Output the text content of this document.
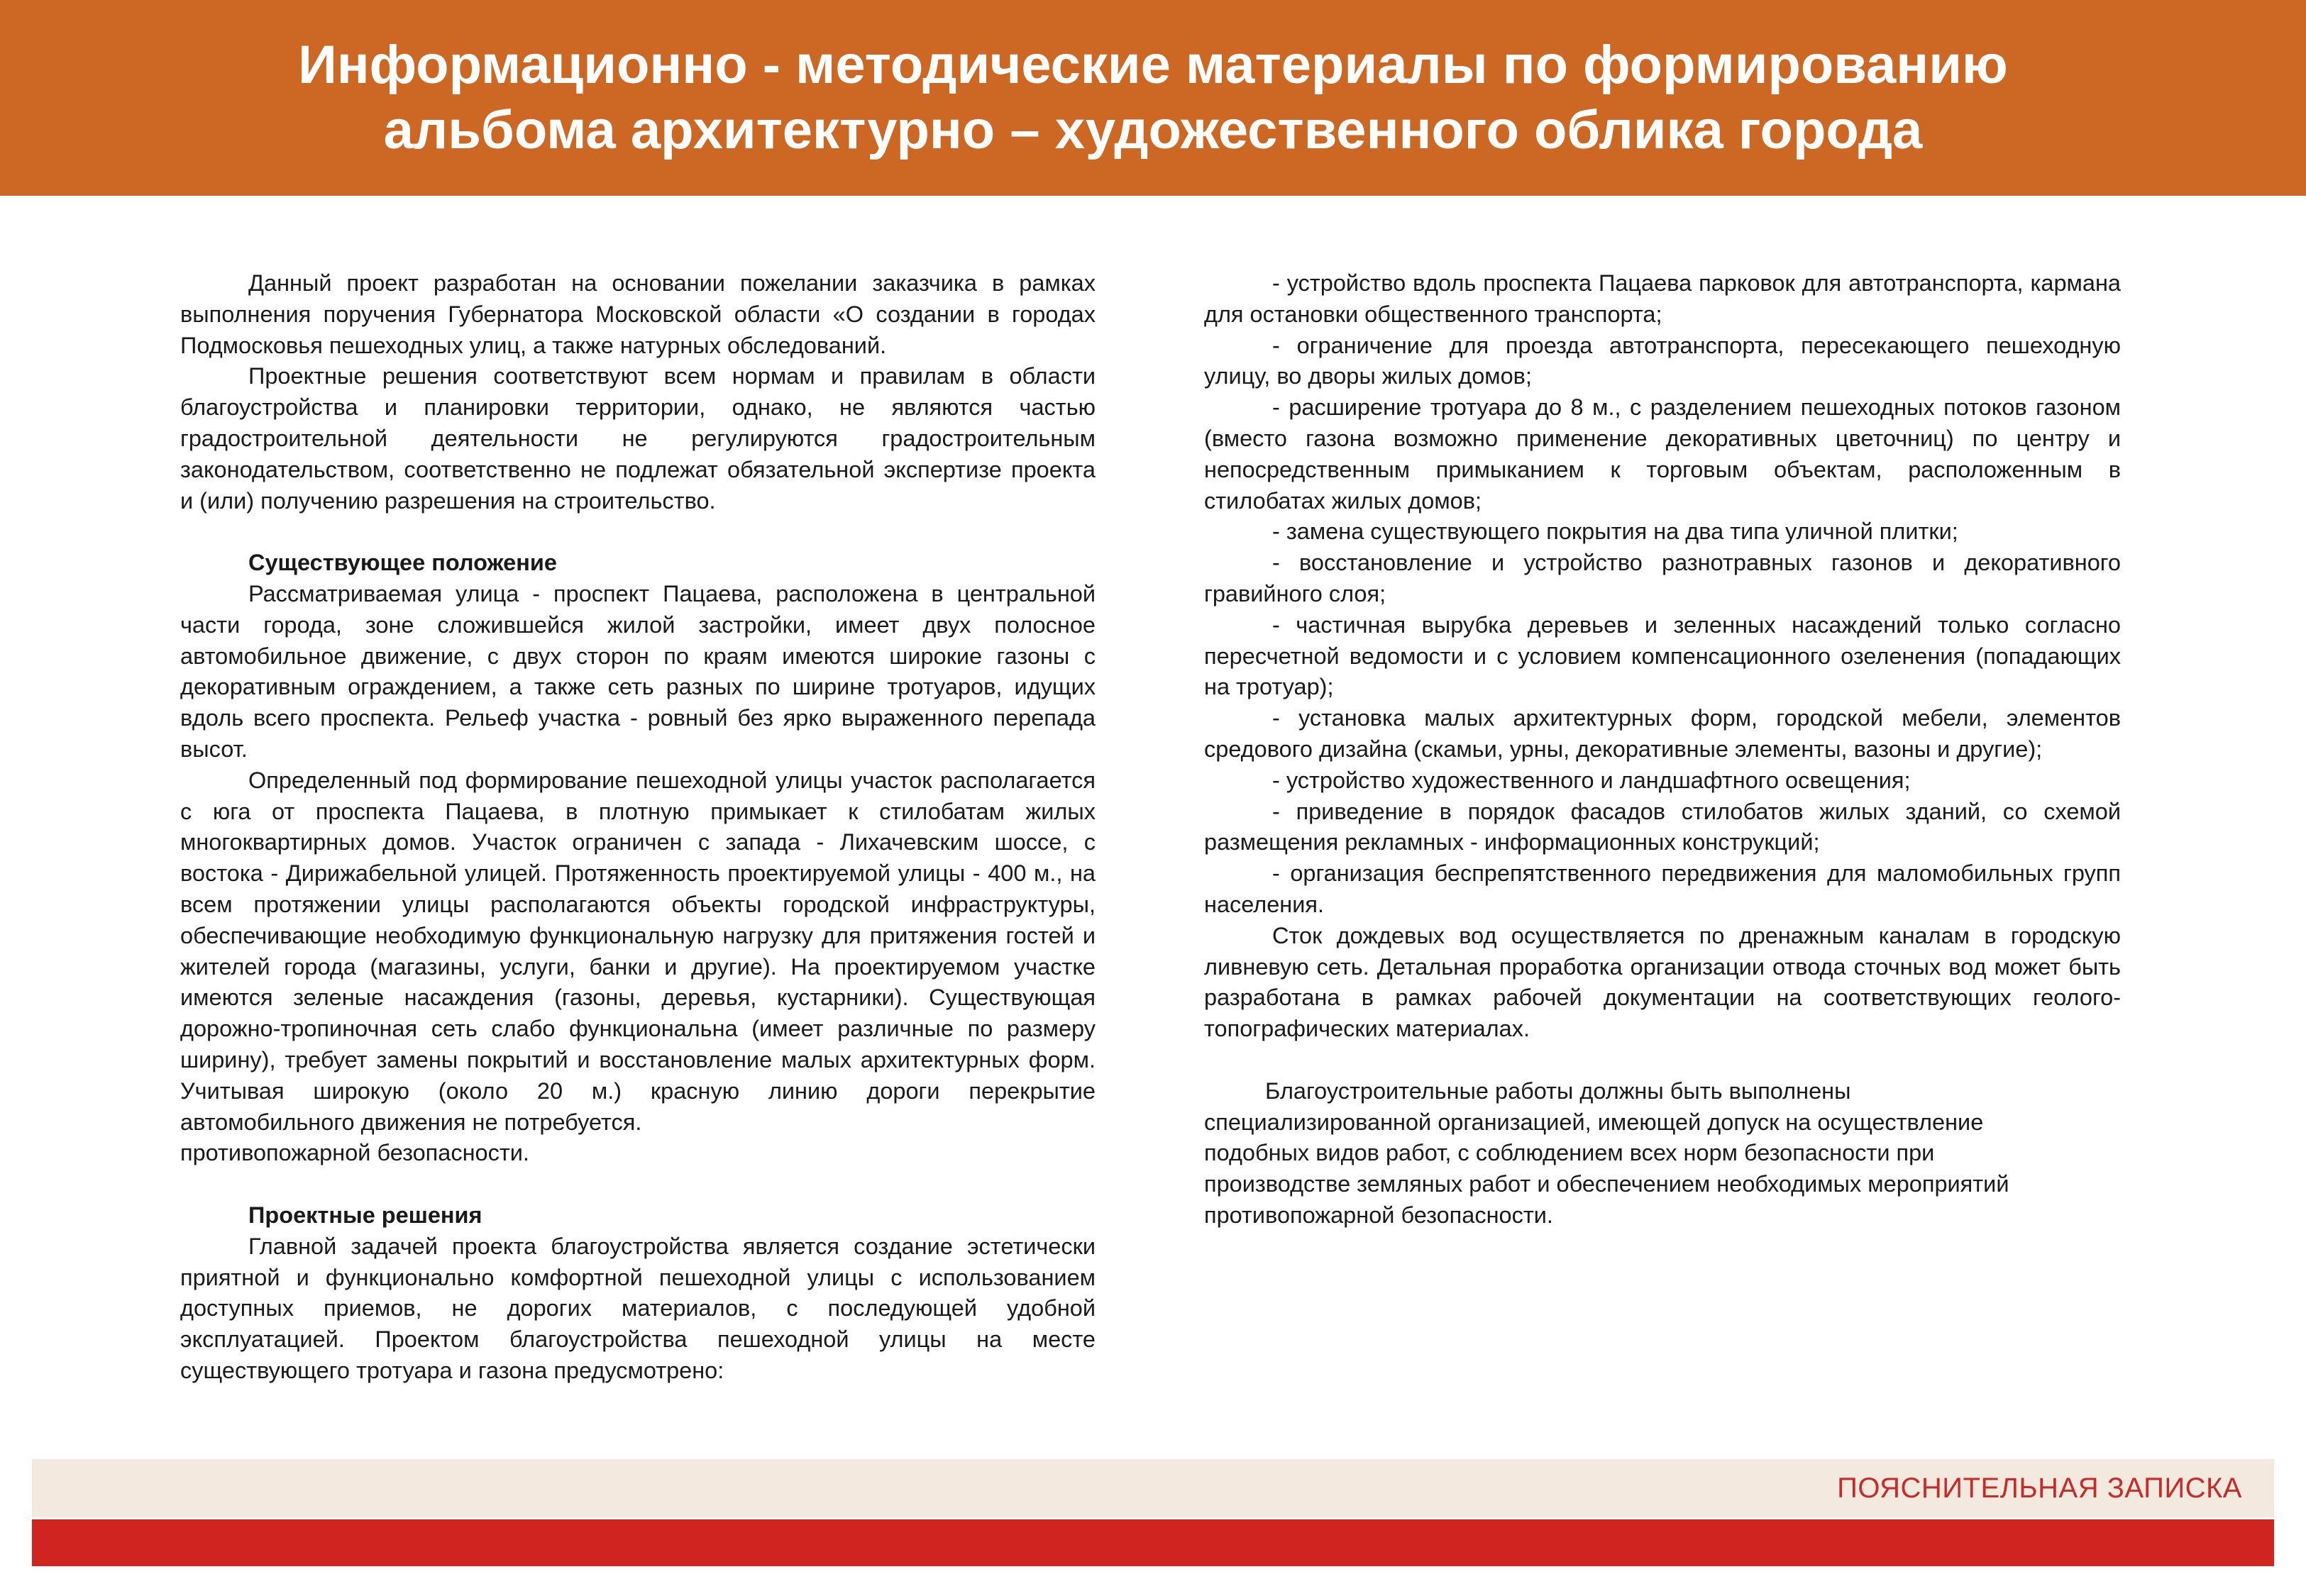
Информационно - методические материалы по формированию
альбома архитектурно – художественного облика города

Данный проект разработан на основании пожелании заказчика в рамках выполнения поручения Губернатора Московской области «О создании в городах Подмосковья пешеходных улиц, а также натурных обследований.

Проектные решения соответствуют всем нормам и правилам в области благоустройства и планировки территории, однако, не являются частью градостроительной деятельности не регулируются градостроительным законодательством, соответственно не подлежат обязательной экспертизе проекта и (или) получению разрешения на строительство.

Существующее положение

Рассматриваемая улица - проспект Пацаева, расположена в центральной части города, зоне сложившейся жилой застройки, имеет двух полосное автомобильное движение, с двух сторон по краям имеются широкие газоны с декоративным ограждением, а также сеть разных по ширине тротуаров, идущих вдоль всего проспекта. Рельеф участка - ровный без ярко выраженного перепада высот.

Определенный под формирование пешеходной улицы участок располагается с юга от проспекта Пацаева, в плотную примыкает к стилобатам жилых многоквартирных домов. Участок ограничен с запада - Лихачевским шоссе, с востока - Дирижабельной улицей. Протяженность проектируемой улицы - 400 м., на всем протяжении улицы располагаются объекты городской инфраструктуры, обеспечивающие необходимую функциональную нагрузку для притяжения гостей и жителей города (магазины, услуги, банки и другие). На проектируемом участке имеются зеленые насаждения (газоны, деревья, кустарники). Существующая дорожно-тропиночная сеть слабо функциональна (имеет различные по размеру ширину), требует замены покрытий и восстановление малых архитектурных форм. Учитывая широкую (около 20 м.) красную линию дороги перекрытие автомобильного движения не потребуется.

противопожарной безопасности.

Проектные решения

Главной задачей проекта благоустройства является создание эстетически приятной и функционально комфортной пешеходной улицы с использованием доступных приемов, не дорогих материалов, с последующей удобной эксплуатацией. Проектом благоустройства пешеходной улицы на месте существующего тротуара и газона предусмотрено:

- устройство вдоль проспекта Пацаева парковок для автотранспорта, кармана для остановки общественного транспорта;

- ограничение для проезда автотранспорта, пересекающего пешеходную улицу, во дворы жилых домов;

- расширение тротуара до 8 м., с разделением пешеходных потоков газоном (вместо газона возможно применение декоративных цветочниц) по центру и непосредственным примыканием к торговым объектам, расположенным в стилобатах жилых домов;

- замена существующего покрытия на два типа уличной плитки;

- восстановление и устройство разнотравных газонов и декоративного гравийного слоя;

- частичная вырубка деревьев и зеленных насаждений только согласно пересчетной ведомости и с условием компенсационного озеленения (попадающих на тротуар);

- установка малых архитектурных форм, городской мебели, элементов средового дизайна (скамьи, урны, декоративные элементы, вазоны и другие);

- устройство художественного и ландшафтного освещения;

- приведение в порядок фасадов стилобатов жилых зданий, со схемой размещения рекламных - информационных конструкций;

- организация беспрепятственного передвижения для маломобильных групп населения.

Сток дождевых вод осуществляется по дренажным каналам в городскую ливневую сеть. Детальная проработка организации отвода сточных вод может быть разработана в рамках рабочей документации на соответствующих геолого-топографических материалах.

Благоустроительные работы должны быть выполнены

специализированной организацией, имеющей допуск на осуществление

подобных видов работ, с соблюдением всех норм безопасности при

производстве земляных работ и обеспечением необходимых мероприятий

противопожарной безопасности.

ПОЯСНИТЕЛЬНАЯ ЗАПИСКА
